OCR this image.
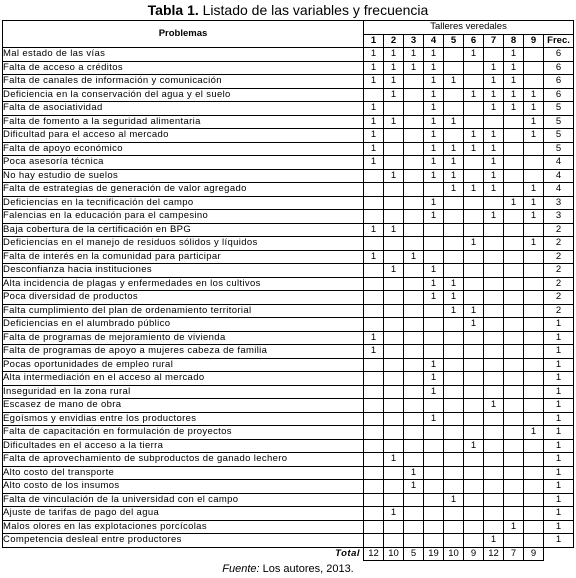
Tabla 1. Listado de las variables y frecuencia
Problemas	Talleres veredales									
	1	2	3	4	5	6	7	8	9	Frec.
Mal estado de las vías	1	1	1	1		1		1		6
Falta de acceso a créditos	1	1	1	1			1	1		6
Falta de canales de información y comunicación	1	1		1	1		1	1		6
Deficiencia en la conservación del agua y el suelo		1		1		1	1	1	1	6
Falta de asociatividad	1			1			1	1	1	5
Falta de fomento a la seguridad alimentaria	1	1		1	1				1	5
Dificultad para el acceso al mercado	1			1		1	1		1	5
Falta de apoyo económico	1			1	1	1	1			5
Poca asesoría técnica	1			1	1		1			4
No hay estudio de suelos		1		1	1		1			4
Falta de estrategias de generación de valor agregado					1	1	1		1	4
Deficiencias en la tecnificación del campo				1				1	1	3
Falencias en la educación para el campesino				1			1		1	3
Baja cobertura de la certificación en BPG	1	1								2
Deficiencias en el manejo de residuos sólidos y líquidos						1			1	2
Falta de interés en la comunidad para participar	1		1							2
Desconfianza hacia instituciones		1		1						2
Alta incidencia de plagas y enfermedades en los cultivos				1	1					2
Poca diversidad de productos				1	1					2
Falta cumplimiento del plan de ordenamiento territorial					1	1				2
Deficiencias en el alumbrado público						1				1
Falta de programas de mejoramiento de vivienda	1									1
Falta de programas de apoyo a mujeres cabeza de familia	1									1
Pocas oportunidades de empleo rural				1						1
Alta intermediación en el acceso al mercado				1						1
Inseguridad en la zona rural				1						1
Escasez de mano de obra							1			1
Egoísmos y envidias entre los productores				1						1
Falta de capacitación en formulación de proyectos									1	1
Dificultades en el acceso a la tierra						1				1
Falta de aprovechamiento de subproductos de ganado lechero		1								1
Alto costo del transporte			1							1
Alto costo de los insumos			1							1
Falta de vinculación de la universidad con el campo					1					1
Ajuste de tarifas de pago del agua		1								1
Malos olores en las explotaciones porcícolas								1		1
Competencia desleal entre productores							1			1
Total	12	10	5	19	10	9	12	7	9	
Fuente: Los autores, 2013.
